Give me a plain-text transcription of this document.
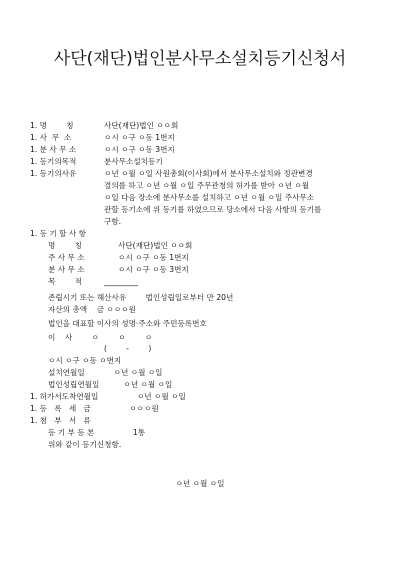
사단(재단)법인분사무소설치등기신청서
1. 명        칭	사단(재단)법인 ㅇㅇ회
1. 사  무  소	ㅇ시 ㅇ구 ㅇ동 1번지
1. 분 사 무 소	ㅇ시 ㅇ구 ㅇ동 3번지
1. 등기의목적	분사무소설치등기
1. 등기의사유	ㅇ년 ㅇ월 ㅇ일 사원총회(이사회)에서 분사무소설치와 정관변경
결의를 하고 ㅇ년 ㅇ월 ㅇ일 주무관청의 허가를 받아 ㅇ년 ㅇ월
ㅇ일 다음 장소에 분사무소를 설치하고 ㅇ년 ㅇ월 ㅇ일 주사무소
관할 등기소에 위 등기를 하였으므로 당소에서 다음 사항의 등기를
구함.
1. 등 기 할 사 항
명        칭	사단(재단)법인 ㅇㅇ회
주 사 무 소	ㅇ시 ㅇ구 ㅇ동 1번지
분 사 무 소	ㅇ시 ㅇ구 ㅇ동 3번지
목        적	_________
존립시기 또는 해산사유        법인성립일로부터 만 20년
자산의 총액    금 ㅇㅇㅇ원
법인을 대표할 이사의 성명·주소와 주민등록번호
이    사        ㅇ        ㅇ        ㅇ
(        -        )
ㅇ시 ㅇ구 ㅇ동 ㅇ번지
설치연월일            ㅇ년 ㅇ월 ㅇ일
법인성립연월일          ㅇ년 ㅇ월 ㅇ일
1. 허가서도착연월일                ㅇ년 ㅇ월 ㅇ일
1. 등   록   세   금                ㅇㅇㅇ원
1. 첨   부   서   류
등 기 부 등 본                1통
위와 같이 등기신청함.
ㅇ년 ㅇ월 ㅇ일
